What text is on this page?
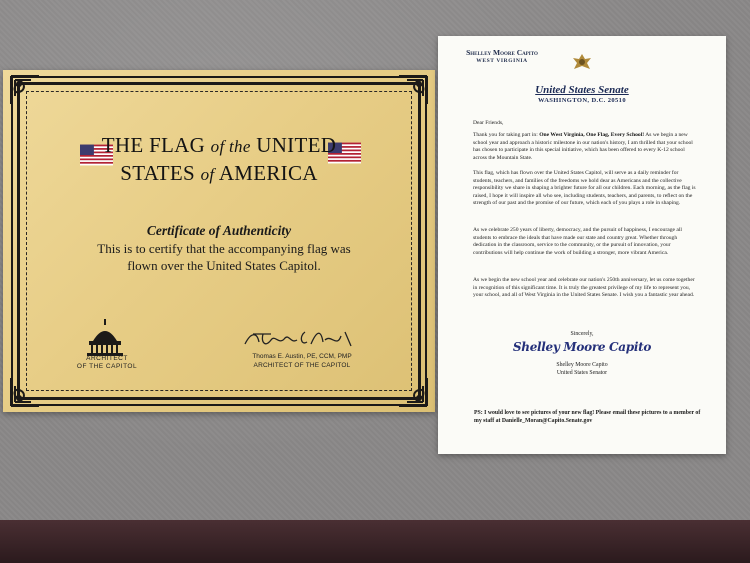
THE FLAG of the UNITED
STATES of AMERICA
Certificate of Authenticity
This is to certify that the accompanying flag was flown over the United States Capitol.
ARCHITECT
OF THE CAPITOL
Thomas E. Austin, PE, CCM, PMP
ARCHITECT OF THE CAPITOL
Shelley Moore Capito
WEST VIRGINIA
United States Senate
WASHINGTON, D.C. 20510
Dear Friends,
Thank you for taking part in: One West Virginia, One Flag, Every School! As we begin a new school year and approach a historic milestone in our nation's history, I am thrilled that your school has chosen to participate in this special initiative, which has been offered to every K-12 school across the Mountain State.
This flag, which has flown over the United States Capitol, will serve as a daily reminder for students, teachers, and families of the freedoms we hold dear as Americans and the collective responsibility we share in shaping a brighter future for all our children. Each morning, as the flag is raised, I hope it will inspire all who see, including students, teachers, and parents, to reflect on the strength of our past and the promise of our future, which each of you plays a role in shaping.
As we celebrate 250 years of liberty, democracy, and the pursuit of happiness, I encourage all students to embrace the ideals that have made our state and country great. Whether through dedication in the classroom, service to the community, or the pursuit of innovation, your contributions will help continue the work of building a stronger, more vibrant America.
As we begin the new school year and celebrate our nation's 250th anniversary, let us come together in recognition of this significant time. It is truly the greatest privilege of my life to represent you, your school, and all of West Virginia in the United States Senate. I wish you a fantastic year ahead.
Sincerely,
Shelley Moore Capito
Shelley Moore Capito
United States Senator
PS: I would love to see pictures of your new flag! Please email these pictures to a member of my staff at Danielle_Moran@Capito.Senate.gov
